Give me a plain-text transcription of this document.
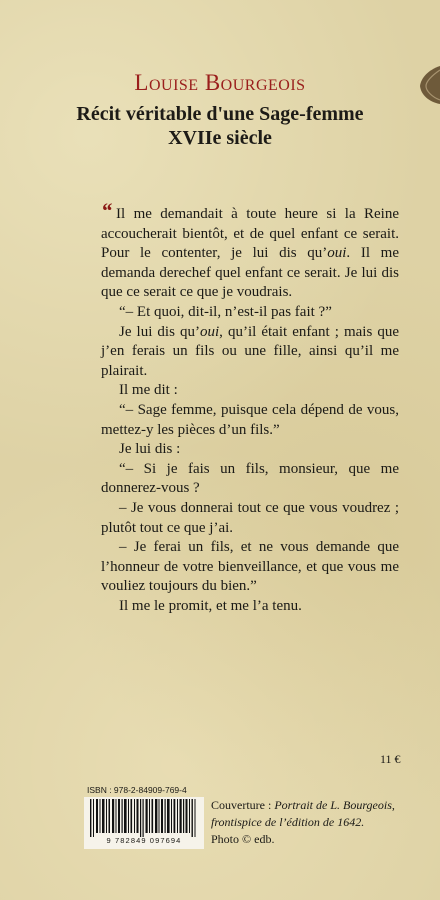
Louise Bourgeois
Récit véritable d'une Sage-femme
XVIIe siècle

“ Il me demandait à toute heure si la Reine accoucherait bientôt, et de quel enfant ce serait. Pour le contenter, je lui dis qu’oui. Il me demanda derechef quel enfant ce serait. Je lui dis que ce serait ce que je voudrais.

“– Et quoi, dit-il, n’est-il pas fait ?”

Je lui dis qu’oui, qu’il était enfant ; mais que j’en ferais un fils ou une fille, ainsi qu’il me plairait.

Il me dit :

“– Sage femme, puisque cela dépend de vous, mettez-y les pièces d’un fils.”

Je lui dis :

“– Si je fais un fils, monsieur, que me donnerez-vous ?

– Je vous donnerai tout ce que vous voudrez ; plutôt tout ce que j’ai.

– Je ferai un fils, et ne vous demande que l’honneur de votre bienveillance, et que vous me vouliez toujours du bien.”

Il me le promit, et me l’a tenu.

11 €
ISBN : 978-2-84909-769-4
9 782849 097694
Couverture : Portrait de L. Bourgeois,
frontispice de l’édition de 1642.
Photo © edb.
